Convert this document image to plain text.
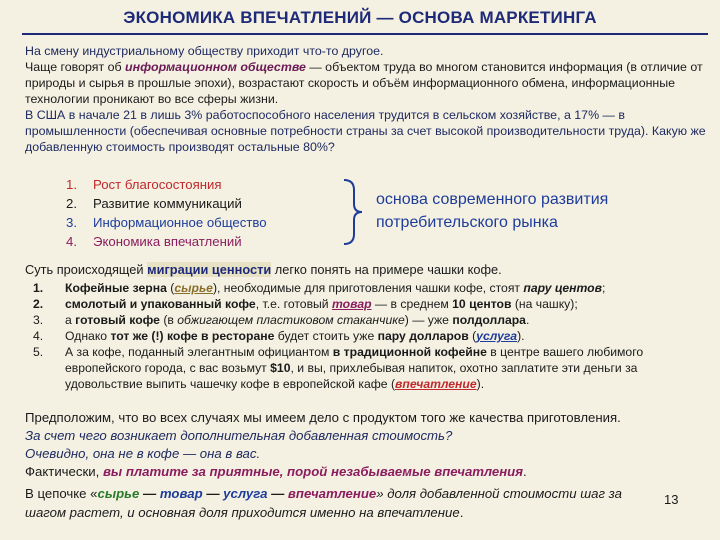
ЭКОНОМИКА ВПЕЧАТЛЕНИЙ — ОСНОВА МАРКЕТИНГА

На смену индустриальному обществу приходит что-то другое.

Чаще говорят об информационном обществе — объектом труда во многом становится информация (в отличие от природы и сырья в прошлые эпохи), возрастают скорость и объём информационного обмена, информационные технологии проникают во все сферы жизни.

В США в начале 21 в лишь 3% работоспособного населения трудится в сельском хозяйстве, а 17% — в промышленности (обеспечивая основные потребности страны за счет высокой производительности труда). Какую же добавленную стоимость производят остальные 80%?

1. Рост благосостояния
2. Развитие коммуникаций
3. Информационное общество
4. Экономика впечатлений
основа современного развития потребительского рынка
Суть происходящей миграции ценности легко понять на примере чашки кофе.
1.	Кофейные зерна (сырье), необходимые для приготовления чашки кофе, стоят пару центов;
2.	смолотый и упакованный кофе, т.е. готовый товар — в среднем 10 центов (на чашку);
3.	а готовый кофе (в обжигающем пластиковом стаканчике) — уже полдоллара.
4.	Однако тот же (!) кофе в ресторане будет стоить уже пару долларов (услуга).
5.	А за кофе, поданный элегантным официантом в традиционной кофейне в центре вашего любимого европейского города, с вас возьмут $10, и вы, прихлебывая напиток, охотно заплатите эти деньги за удовольствие выпить чашечку кофе в европейской кафе (впечатление).

Предположим, что во всех случаях мы имеем дело с продуктом того же качества приготовления.

За счет чего возникает дополнительная добавленная стоимость?

Очевидно, она не в кофе — она в вас.

Фактически, вы платите за приятные, порой незабываемые впечатления.

В цепочке «сырье — товар — услуга — впечатление» доля добавленной стоимости шаг за шагом растет, и основная доля приходится именно на впечатление.
13
